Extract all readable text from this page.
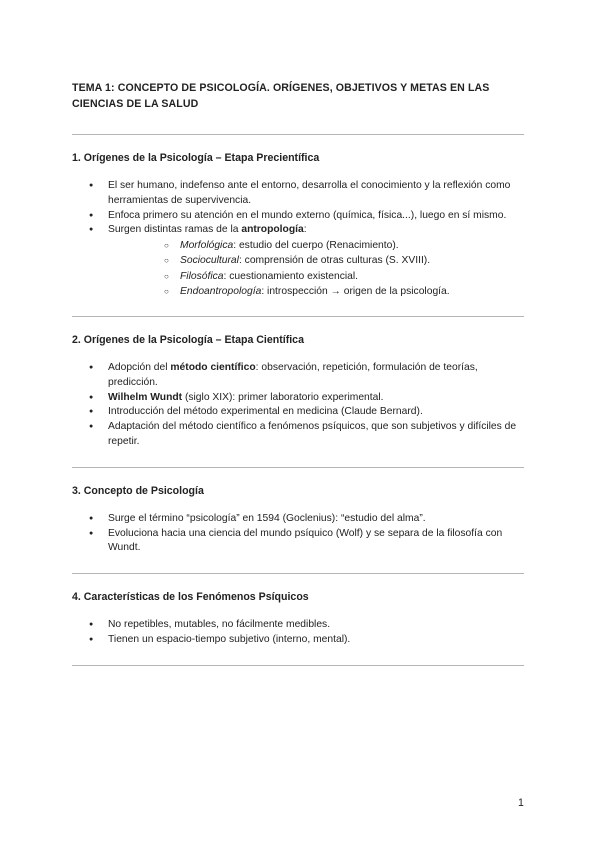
TEMA 1: CONCEPTO DE PSICOLOGÍA. ORÍGENES, OBJETIVOS Y METAS EN LAS CIENCIAS DE LA SALUD

1. Orígenes de la Psicología – Etapa Precientífica

● El ser humano, indefenso ante el entorno, desarrolla el conocimiento y la reflexión como herramientas de supervivencia.
● Enfoca primero su atención en el mundo externo (química, física...), luego en sí mismo.
● Surgen distintas ramas de la antropología:
○ Morfológica: estudio del cuerpo (Renacimiento).
○ Sociocultural: comprensión de otras culturas (S. XVIII).
○ Filosófica: cuestionamiento existencial.
○ Endoantropología: introspección → origen de la psicología.

2. Orígenes de la Psicología – Etapa Científica

● Adopción del método científico: observación, repetición, formulación de teorías, predicción.
● Wilhelm Wundt (siglo XIX): primer laboratorio experimental.
● Introducción del método experimental en medicina (Claude Bernard).
● Adaptación del método científico a fenómenos psíquicos, que son subjetivos y difíciles de repetir.

3. Concepto de Psicología

● Surge el término “psicología” en 1594 (Goclenius): “estudio del alma”.
● Evoluciona hacia una ciencia del mundo psíquico (Wolf) y se separa de la filosofía con Wundt.

4. Características de los Fenómenos Psíquicos

● No repetibles, mutables, no fácilmente medibles.
● Tienen un espacio-tiempo subjetivo (interno, mental).
1
